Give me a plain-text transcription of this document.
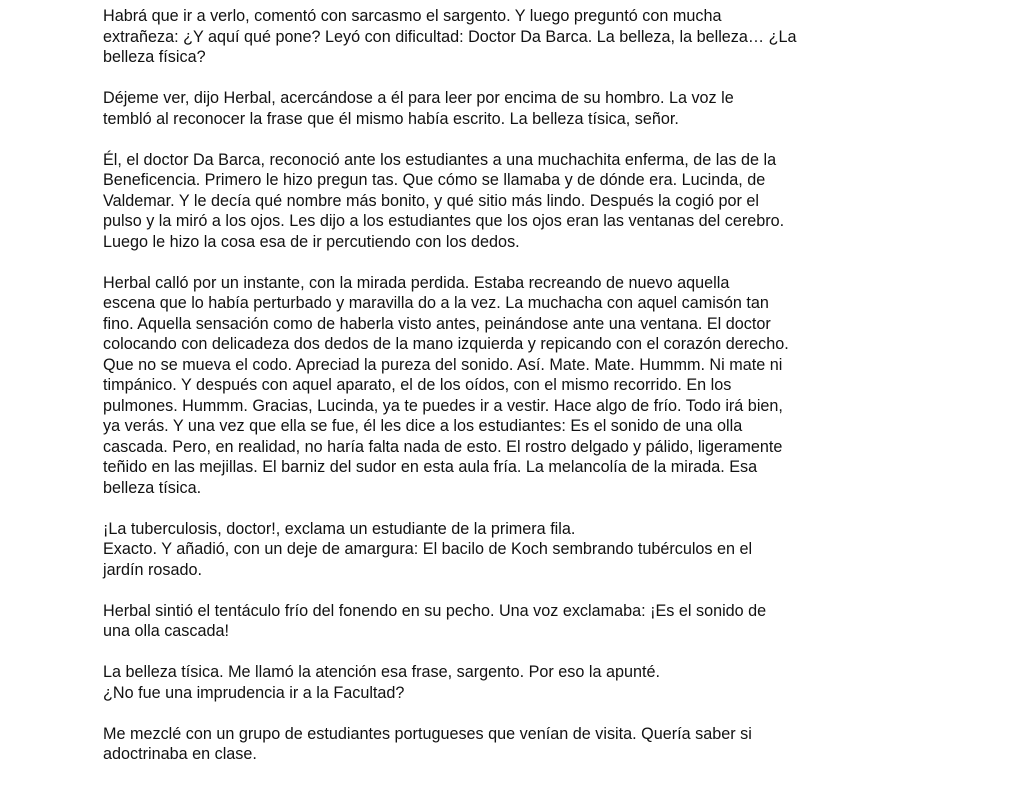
Habrá que ir a verlo, comentó con sarcasmo el sargento. Y luego preguntó con mucha
extrañeza: ¿Y aquí qué pone? Leyó con dificultad: Doctor Da Barca. La belleza, la belleza… ¿La
belleza física?
Déjeme ver, dijo Herbal, acercándose a él para leer por encima de su hombro. La voz le
tembló al reconocer la frase que él mismo había escrito. La belleza tísica, señor.
Él, el doctor Da Barca, reconoció ante los estudiantes a una muchachita enferma, de las de la
Beneficencia. Primero le hizo pregun tas. Que cómo se llamaba y de dónde era. Lucinda, de
Valdemar. Y le decía qué nombre más bonito, y qué sitio más lindo. Después la cogió por el
pulso y la miró a los ojos. Les dijo a los estudiantes que los ojos eran las ventanas del cerebro.
Luego le hizo la cosa esa de ir percutiendo con los dedos.
Herbal calló por un instante, con la mirada perdida. Estaba recreando de nuevo aquella
escena que lo había perturbado y maravilla do a la vez. La muchacha con aquel camisón tan
fino. Aquella sensación como de haberla visto antes, peinándose ante una ventana. El doctor
colocando con delicadeza dos dedos de la mano izquierda y repicando con el corazón derecho.
Que no se mueva el codo. Apreciad la pureza del sonido. Así. Mate. Mate. Hummm. Ni mate ni
timpánico. Y después con aquel aparato, el de los oídos, con el mismo recorrido. En los
pulmones. Hummm. Gracias, Lucinda, ya te puedes ir a vestir. Hace algo de frío. Todo irá bien,
ya verás. Y una vez que ella se fue, él les dice a los estudiantes: Es el sonido de una olla
cascada. Pero, en realidad, no haría falta nada de esto. El rostro delgado y pálido, ligeramente
teñido en las mejillas. El barniz del sudor en esta aula fría. La melancolía de la mirada. Esa
belleza tísica.
¡La tuberculosis, doctor!, exclama un estudiante de la primera fila.
Exacto. Y añadió, con un deje de amargura: El bacilo de Koch sembrando tubérculos en el
jardín rosado.
Herbal sintió el tentáculo frío del fonendo en su pecho. Una voz exclamaba: ¡Es el sonido de
una olla cascada!
La belleza tísica. Me llamó la atención esa frase, sargento. Por eso la apunté.
¿No fue una imprudencia ir a la Facultad?
Me mezclé con un grupo de estudiantes portugueses que venían de visita. Quería saber si
adoctrinaba en clase.
